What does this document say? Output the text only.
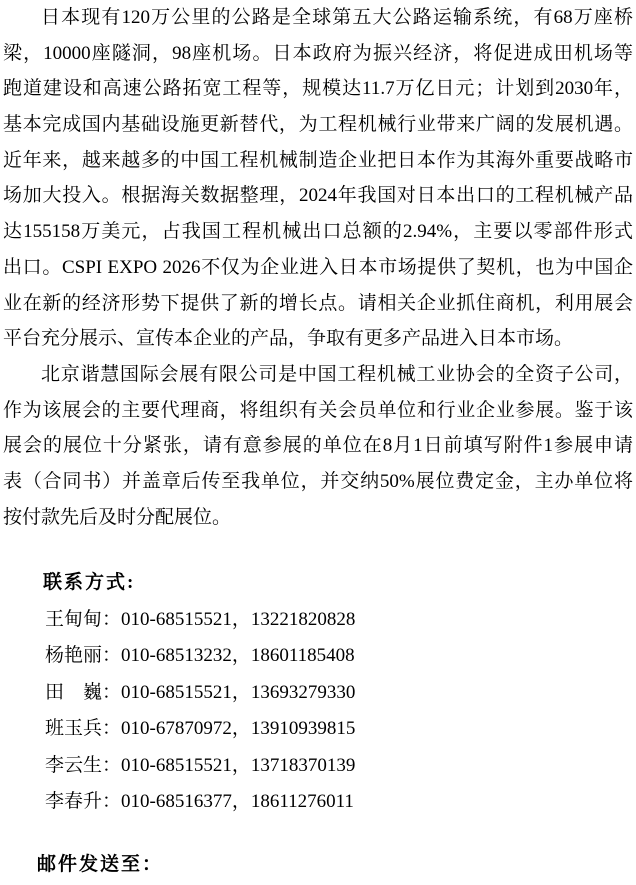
日本现有120万公里的公路是全球第五大公路运输系统，有68万座桥
梁，10000座隧洞，98座机场。日本政府为振兴经济，将促进成田机场等
跑道建设和高速公路拓宽工程等，规模达11.7万亿日元；计划到2030年，
基本完成国内基础设施更新替代，为工程机械行业带来广阔的发展机遇。
近年来，越来越多的中国工程机械制造企业把日本作为其海外重要战略市
场加大投入。根据海关数据整理，2024年我国对日本出口的工程机械产品
达155158万美元，占我国工程机械出口总额的2.94%，主要以零部件形式
出口。CSPI EXPO 2026不仅为企业进入日本市场提供了契机，也为中国企
业在新的经济形势下提供了新的增长点。请相关企业抓住商机，利用展会
平台充分展示、宣传本企业的产品，争取有更多产品进入日本市场。
北京谐慧国际会展有限公司是中国工程机械工业协会的全资子公司，
作为该展会的主要代理商，将组织有关会员单位和行业企业参展。鉴于该
展会的展位十分紧张，请有意参展的单位在8月1日前填写附件1参展申请
表（合同书）并盖章后传至我单位，并交纳50%展位费定金，主办单位将
按付款先后及时分配展位。
联系方式:
王甸甸：010-68515521，13221820828
杨艳丽：010-68513232，18601185408
田　巍：010-68515521，13693279330
班玉兵：010-67870972，13910939815
李云生：010-68515521，13718370139
李春升：010-68516377，18611276011
邮件发送至：
